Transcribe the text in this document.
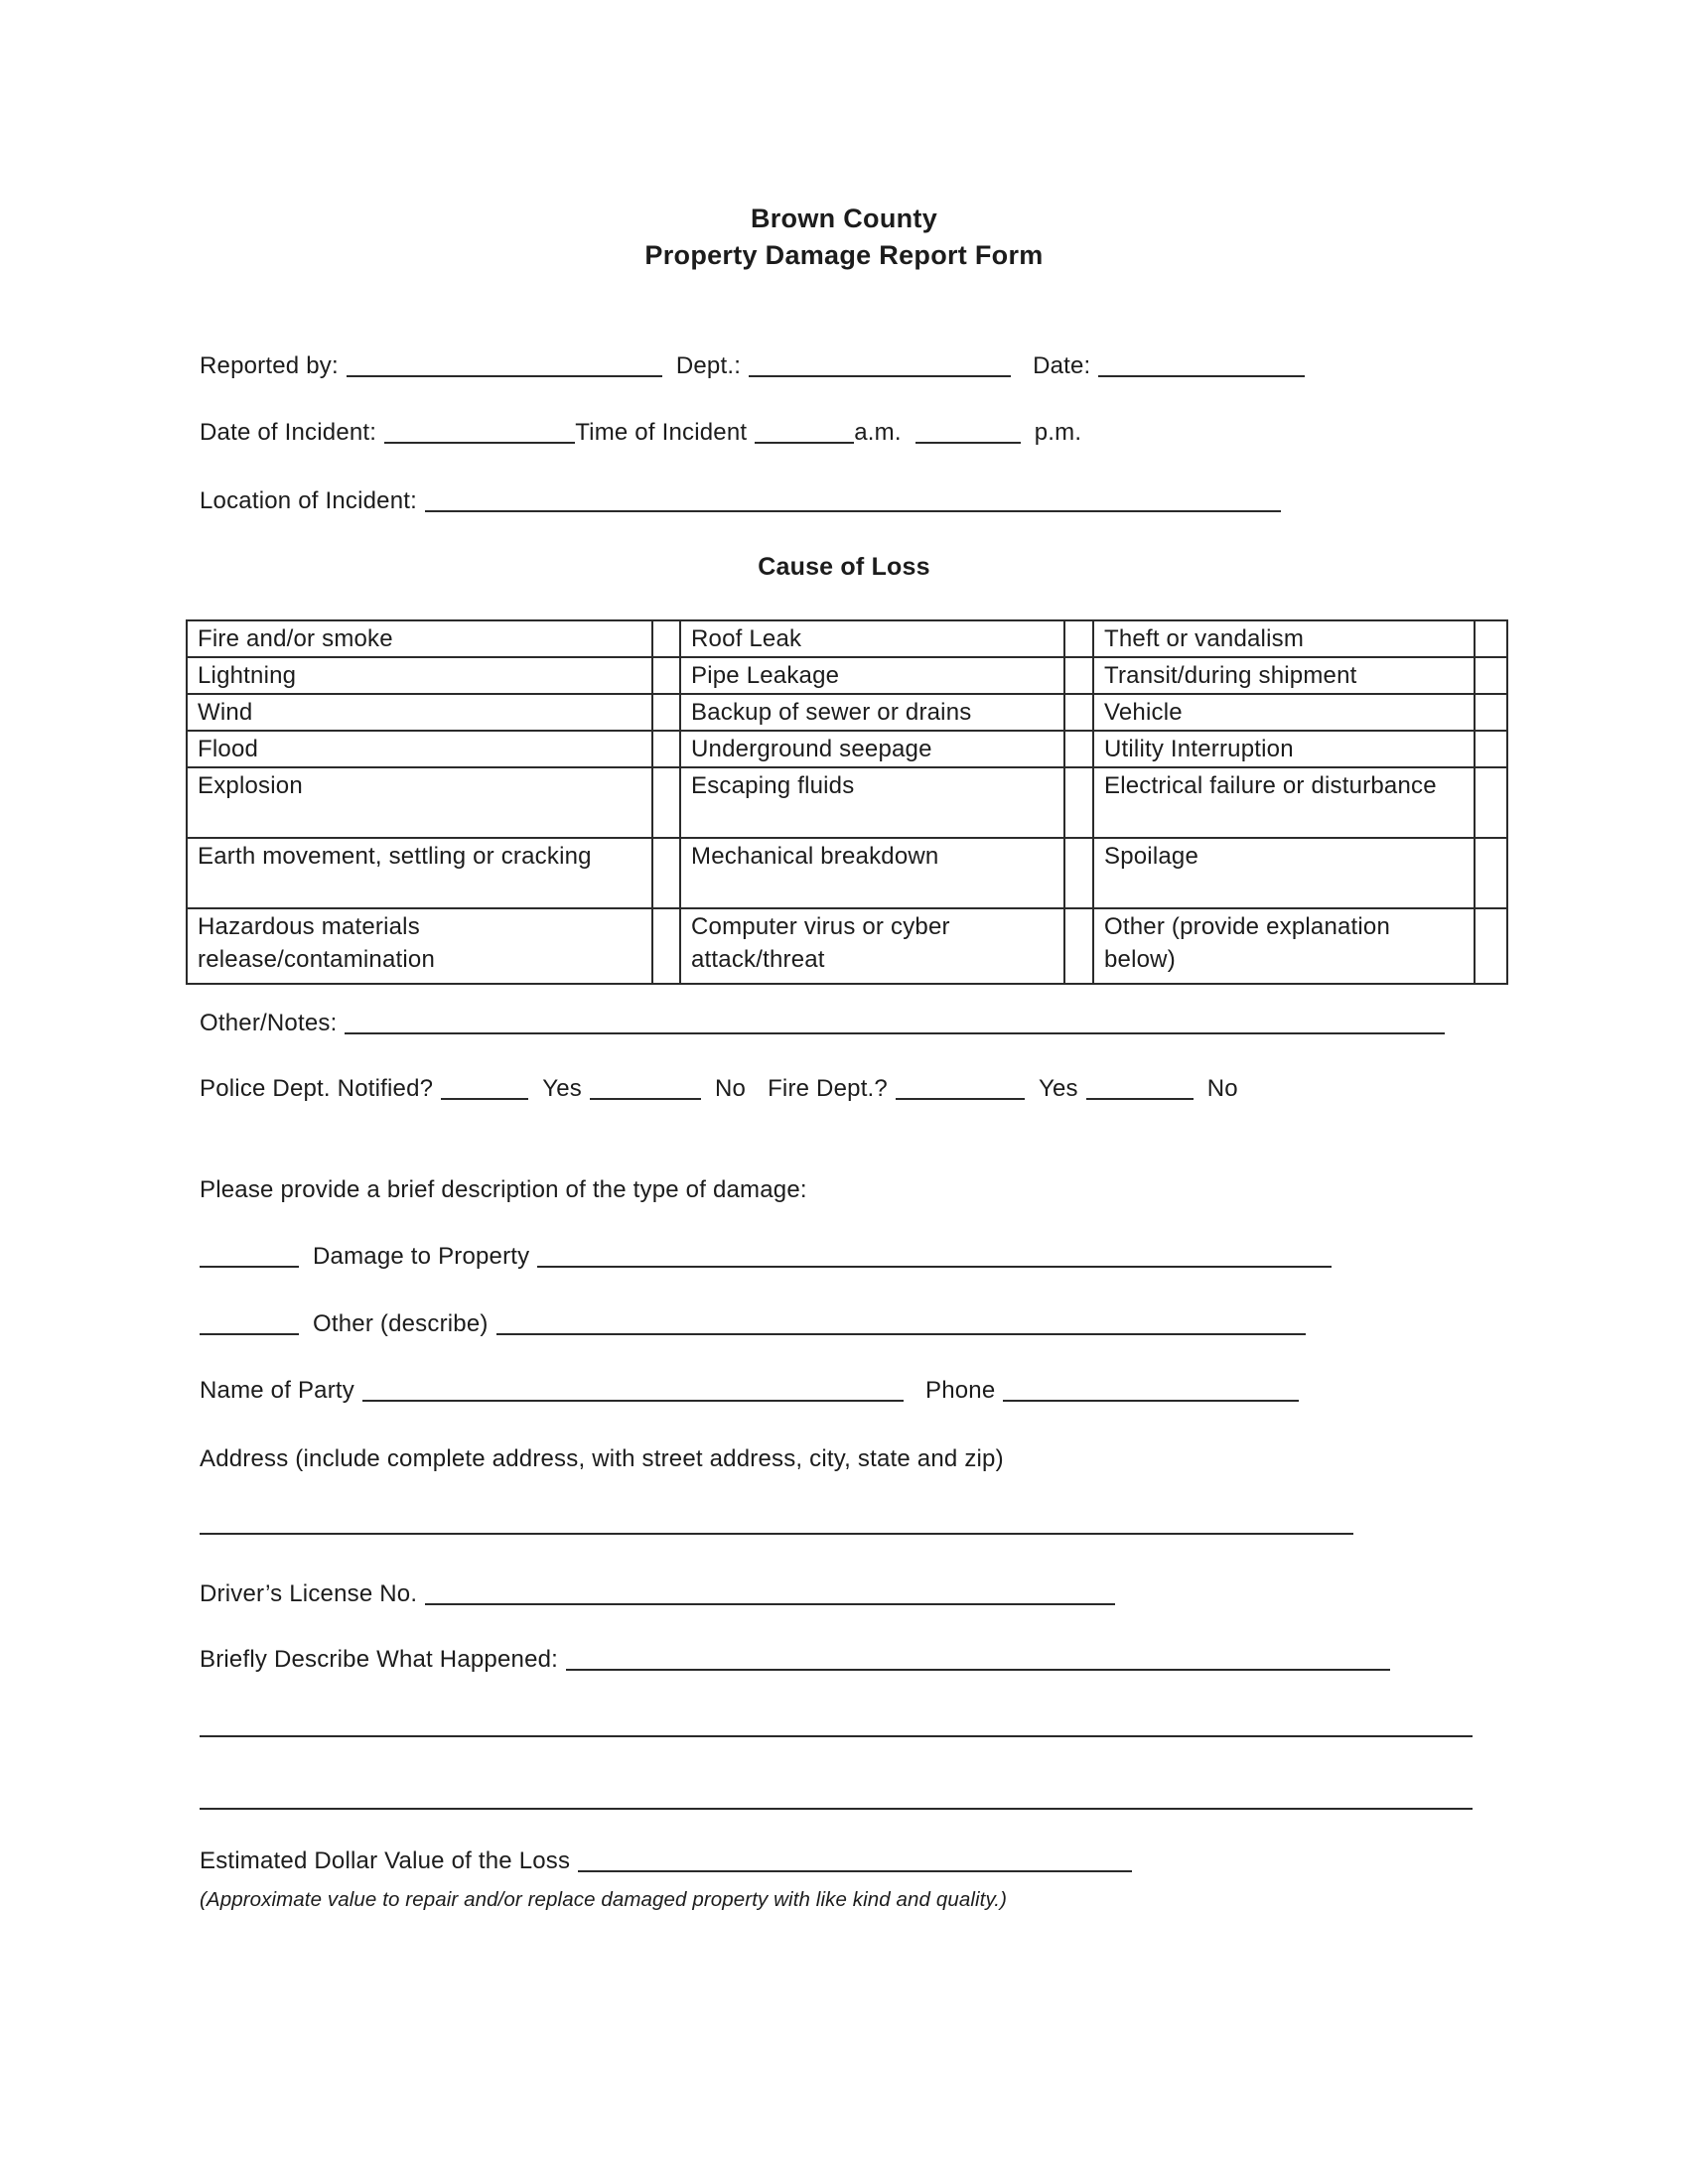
Brown County
Property Damage Report Form
Reported by:	Dept.:	Date:
Date of Incident:	Time of Incident	a.m.	p.m.
Location of Incident:
Cause of Loss
Fire and/or smoke		Roof Leak		Theft or vandalism	
Lightning		Pipe Leakage		Transit/during shipment	
Wind		Backup of sewer or drains		Vehicle	
Flood		Underground seepage		Utility Interruption	
Explosion		Escaping fluids		Electrical failure or disturbance	
Earth movement, settling or cracking		Mechanical breakdown		Spoilage	
Hazardous materials release/contamination		Computer virus or cyber attack/threat		Other (provide explanation below)	
Other/Notes:
Police Dept. Notified?	Yes	No Fire Dept.?	Yes	No
Please provide a brief description of the type of damage:
Damage to Property
Other (describe)
Name of Party	Phone
Address (include complete address, with street address, city, state and zip)
Driver’s License No.
Briefly Describe What Happened:
Estimated Dollar Value of the Loss
(Approximate value to repair and/or replace damaged property with like kind and quality.)
